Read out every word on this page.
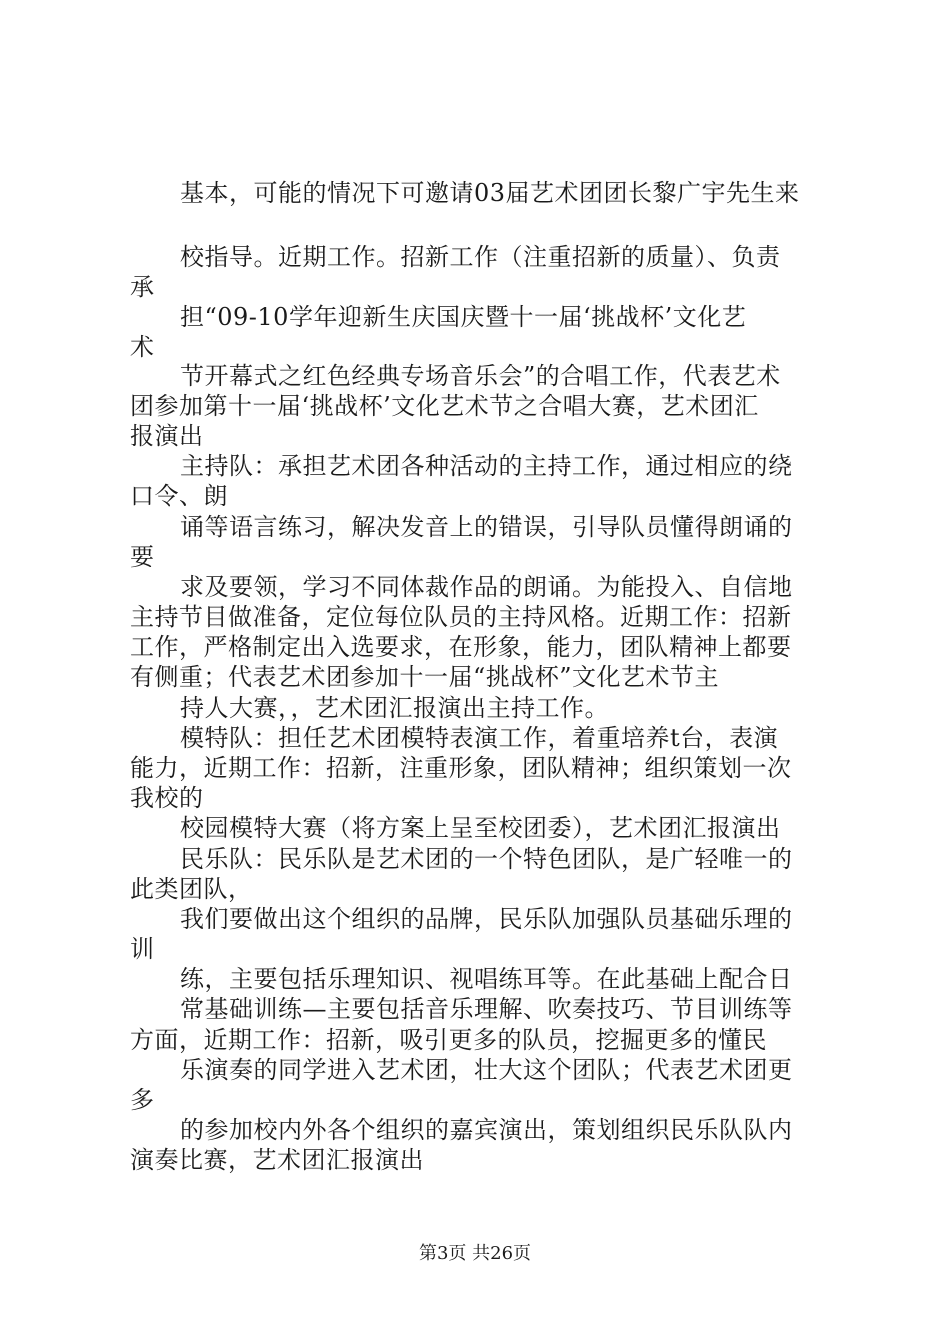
基本，可能的情况下可邀请03届艺术团团长黎广宇先生来
校指导。近期工作。招新工作（注重招新的质量）、负责
承
担“09-10学年迎新生庆国庆暨十一届‘挑战杯’文化艺
术
节开幕式之红色经典专场音乐会”的合唱工作，代表艺术
团参加第十一届‘挑战杯’文化艺术节之合唱大赛，艺术团汇
报演出
主持队：承担艺术团各种活动的主持工作，通过相应的绕
口令、朗
诵等语言练习，解决发音上的错误，引导队员懂得朗诵的
要
求及要领，学习不同体裁作品的朗诵。为能投入、自信地
主持节目做准备，定位每位队员的主持风格。近期工作：招新
工作，严格制定出入选要求，在形象，能力，团队精神上都要
有侧重；代表艺术团参加十一届“挑战杯”文化艺术节主
持人大赛，，艺术团汇报演出主持工作。
模特队：担任艺术团模特表演工作，着重培养t台，表演
能力，近期工作：招新，注重形象，团队精神；组织策划一次
我校的
校园模特大赛（将方案上呈至校团委），艺术团汇报演出
民乐队：民乐队是艺术团的一个特色团队，是广轻唯一的
此类团队，
我们要做出这个组织的品牌，民乐队加强队员基础乐理的
训
练，主要包括乐理知识、视唱练耳等。在此基础上配合日
常基础训练—主要包括音乐理解、吹奏技巧、节目训练等
方面，近期工作：招新，吸引更多的队员，挖掘更多的懂民
乐演奏的同学进入艺术团，壮大这个团队；代表艺术团更
多
的参加校内外各个组织的嘉宾演出，策划组织民乐队队内
演奏比赛，艺术团汇报演出
第3页 共26页
